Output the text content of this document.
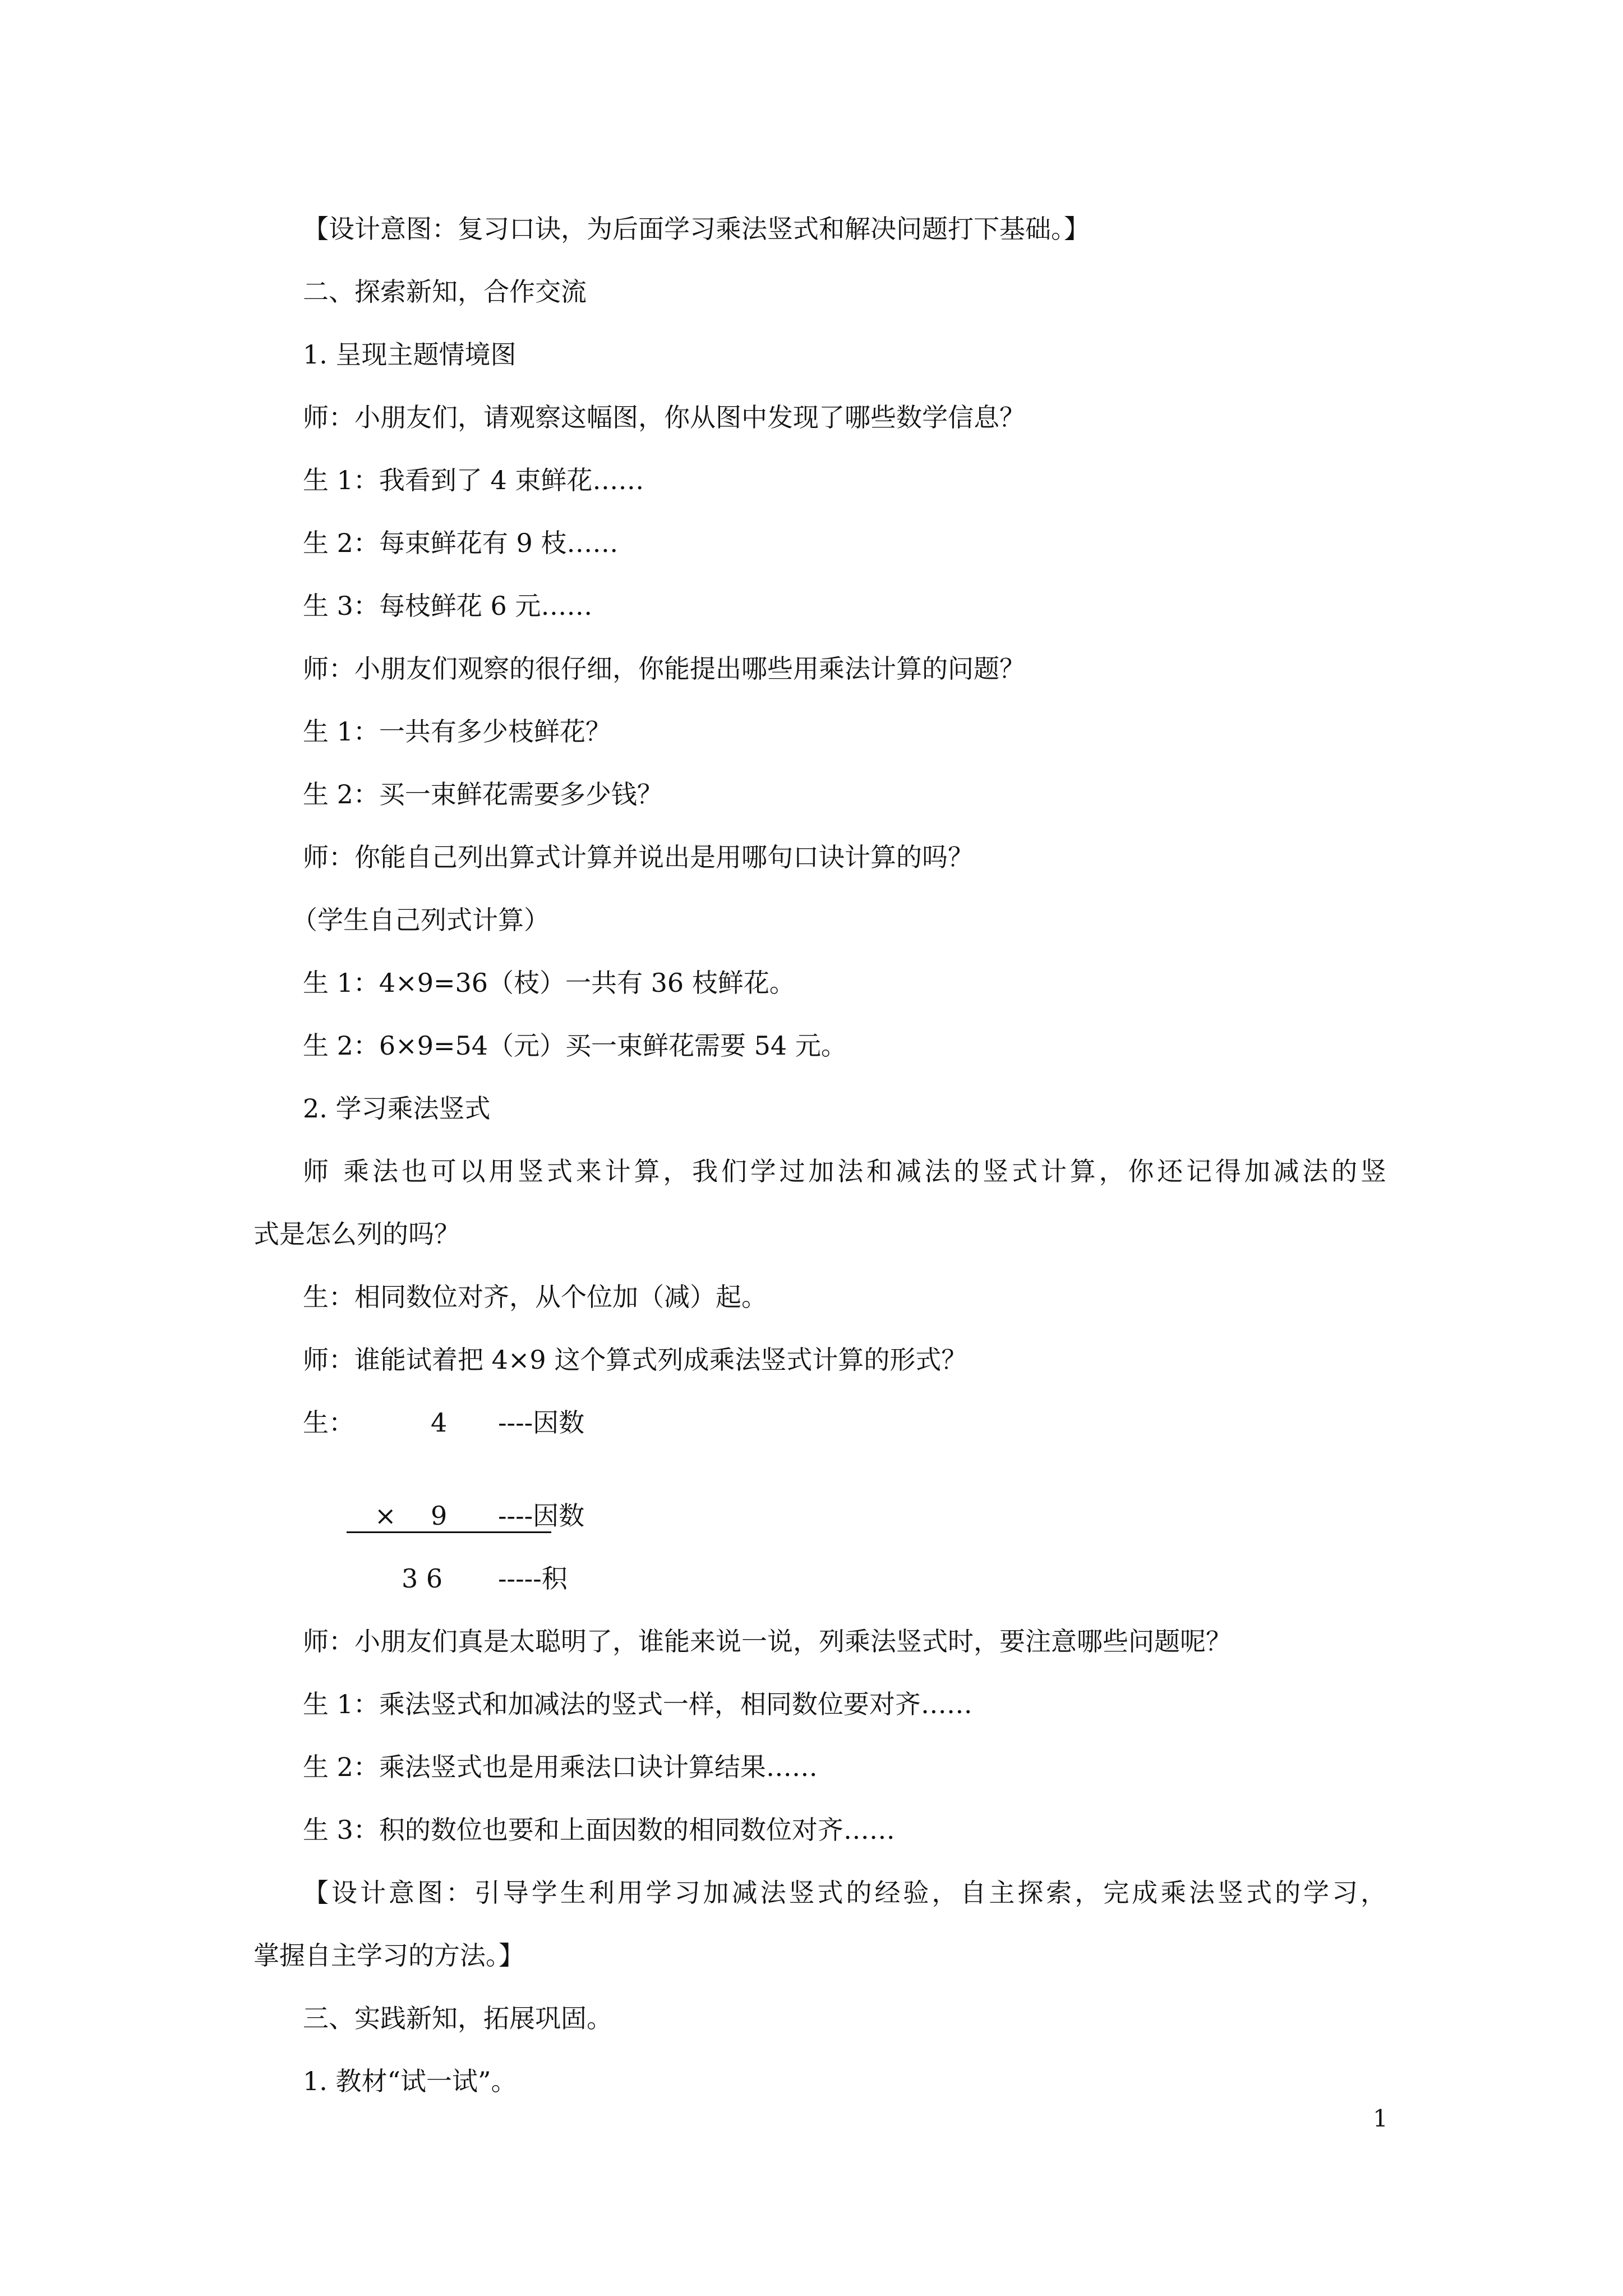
【设计意图：复习口诀，为后面学习乘法竖式和解决问题打下基础。】
二、探索新知，合作交流
1. 呈现主题情境图
师：小朋友们，请观察这幅图，你从图中发现了哪些数学信息？
生 1：我看到了 4 束鲜花……
生 2：每束鲜花有 9 枝……
生 3：每枝鲜花 6 元……
师：小朋友们观察的很仔细，你能提出哪些用乘法计算的问题？
生 1：一共有多少枝鲜花？
生 2：买一束鲜花需要多少钱？
师：你能自己列出算式计算并说出是用哪句口诀计算的吗？
（学生自己列式计算）
生 1：4×9=36（枝）一共有 36 枝鲜花。
生 2：6×9=54（元）买一束鲜花需要 54 元。
2. 学习乘法竖式
师 乘法也可以用竖式来计算，我们学过加法和减法的竖式计算，你还记得加减法的竖
式是怎么列的吗？
生：相同数位对齐，从个位加（减）起。
师：谁能试着把 4×9 这个算式列成乘法竖式计算的形式？
生：	4 ----因数
× 9 ----因数
3 6 -----积
师：小朋友们真是太聪明了，谁能来说一说，列乘法竖式时，要注意哪些问题呢？
生 1：乘法竖式和加减法的竖式一样，相同数位要对齐……
生 2：乘法竖式也是用乘法口诀计算结果……
生 3：积的数位也要和上面因数的相同数位对齐……
【设计意图：引导学生利用学习加减法竖式的经验，自主探索，完成乘法竖式的学习，
掌握自主学习的方法。】
三、实践新知，拓展巩固。
1. 教材“试一试”。
1
